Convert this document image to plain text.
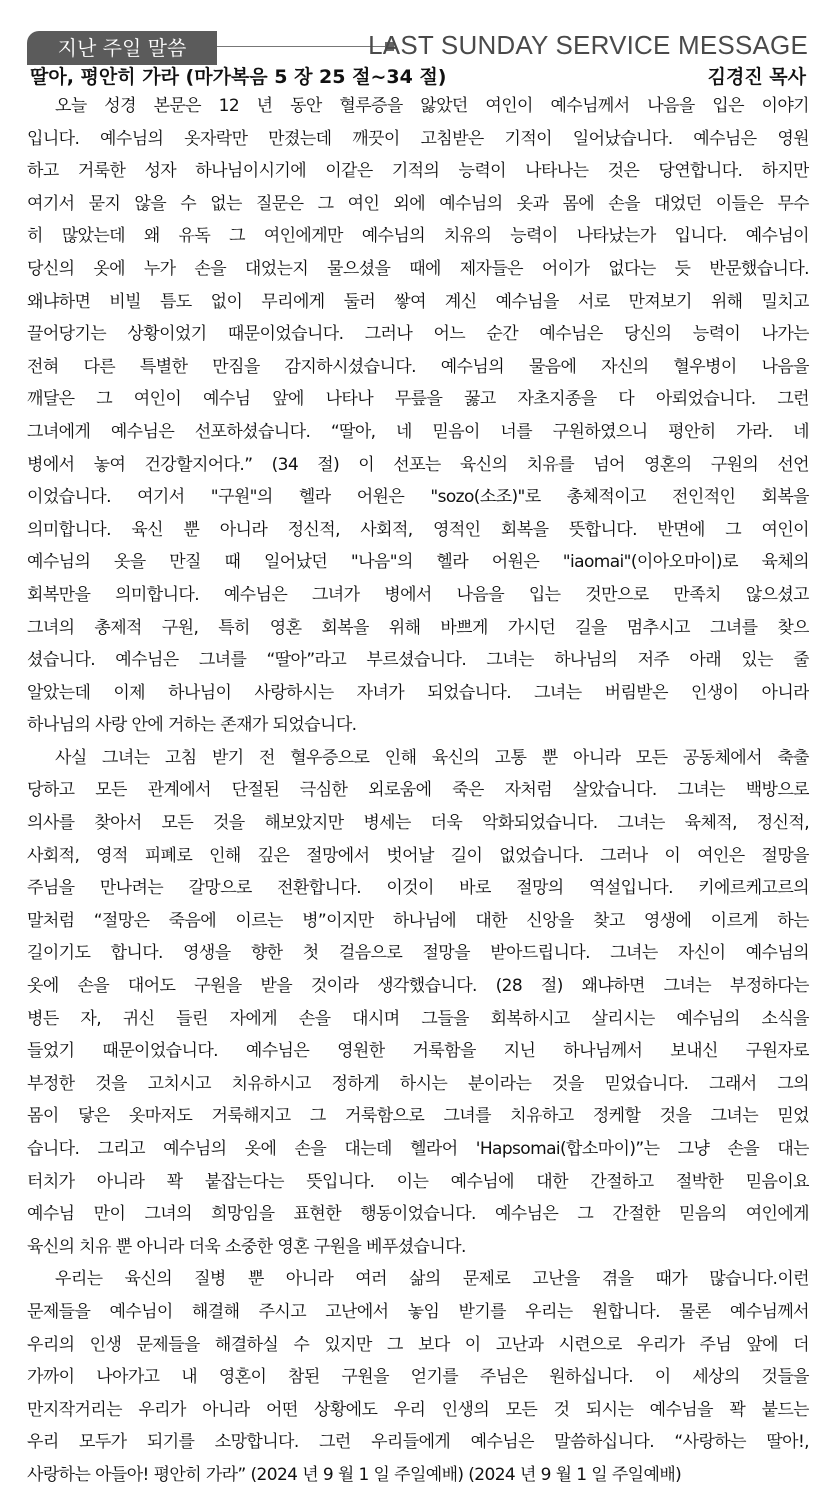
지난 주일 말씀	LAST SUNDAY SERVICE MESSAGE
딸아, 평안히 가라 (마가복음 5 장 25 절~34 절)	김경진 목사
오늘 성경 본문은 12 년 동안 혈루증을 앓았던 여인이 예수님께서 나음을 입은 이야기
입니다. 예수님의 옷자락만 만졌는데 깨끗이 고침받은 기적이 일어났습니다. 예수님은 영원
하고 거룩한 성자 하나님이시기에 이같은 기적의 능력이 나타나는 것은 당연합니다. 하지만
여기서 묻지 않을 수 없는 질문은 그 여인 외에 예수님의 옷과 몸에 손을 대었던 이들은 무수
히 많았는데 왜 유독 그 여인에게만 예수님의 치유의 능력이 나타났는가 입니다. 예수님이
당신의 옷에 누가 손을 대었는지 물으셨을 때에 제자들은 어이가 없다는 듯 반문했습니다.
왜냐하면 비빌 틈도 없이 무리에게 둘러 쌓여 계신 예수님을 서로 만져보기 위해 밀치고
끌어당기는 상황이었기 때문이었습니다. 그러나 어느 순간 예수님은 당신의 능력이 나가는
전혀 다른 특별한 만짐을 감지하시셨습니다. 예수님의 물음에 자신의 혈우병이 나음을
깨달은 그 여인이 예수님 앞에 나타나 무릎을 꿇고 자초지종을 다 아뢰었습니다. 그런
그녀에게 예수님은 선포하셨습니다. “딸아, 네 믿음이 너를 구원하였으니 평안히 가라. 네
병에서 놓여 건강할지어다.” (34 절) 이 선포는 육신의 치유를 넘어 영혼의 구원의 선언
이었습니다. 여기서 "구원"의 헬라 어원은 "sozo(소조)"로 총체적이고 전인적인 회복을
의미합니다. 육신 뿐 아니라 정신적, 사회적, 영적인 회복을 뜻합니다. 반면에 그 여인이
예수님의 옷을 만질 때 일어났던 "나음"의 헬라 어원은 "iaomai"(이아오마이)로 육체의
회복만을 의미합니다. 예수님은 그녀가 병에서 나음을 입는 것만으로 만족치 않으셨고
그녀의 총제적 구원, 특히 영혼 회복을 위해 바쁘게 가시던 길을 멈추시고 그녀를 찾으
셨습니다. 예수님은 그녀를 “딸아”라고 부르셨습니다. 그녀는 하나님의 저주 아래 있는 줄
알았는데 이제 하나님이 사랑하시는 자녀가 되었습니다. 그녀는 버림받은 인생이 아니라
하나님의 사랑 안에 거하는 존재가 되었습니다.
사실 그녀는 고침 받기 전 혈우증으로 인해 육신의 고통 뿐 아니라 모든 공동체에서 축출
당하고 모든 관계에서 단절된 극심한 외로움에 죽은 자처럼 살았습니다. 그녀는 백방으로
의사를 찾아서 모든 것을 해보았지만 병세는 더욱 악화되었습니다. 그녀는 육체적, 정신적,
사회적, 영적 피폐로 인해 깊은 절망에서 벗어날 길이 없었습니다. 그러나 이 여인은 절망을
주님을 만나려는 갈망으로 전환합니다. 이것이 바로 절망의 역설입니다. 키에르케고르의
말처럼 “절망은 죽음에 이르는 병”이지만 하나님에 대한 신앙을 찾고 영생에 이르게 하는
길이기도 합니다. 영생을 향한 첫 걸음으로 절망을 받아드립니다. 그녀는 자신이 예수님의
옷에 손을 대어도 구원을 받을 것이라 생각했습니다. (28 절) 왜냐하면 그녀는 부정하다는
병든 자, 귀신 들린 자에게 손을 대시며 그들을 회복하시고 살리시는 예수님의 소식을
들었기 때문이었습니다. 예수님은 영원한 거룩함을 지닌 하나님께서 보내신 구원자로
부정한 것을 고치시고 치유하시고 정하게 하시는 분이라는 것을 믿었습니다. 그래서 그의
몸이 닿은 옷마저도 거룩해지고 그 거룩함으로 그녀를 치유하고 정케할 것을 그녀는 믿었
습니다. 그리고 예수님의 옷에 손을 대는데 헬라어 'Hapsomai(합소마이)”는 그냥 손을 대는
터치가 아니라 꽉 붙잡는다는 뜻입니다. 이는 예수님에 대한 간절하고 절박한 믿음이요
예수님 만이 그녀의 희망임을 표현한 행동이었습니다. 예수님은 그 간절한 믿음의 여인에게
육신의 치유 뿐 아니라 더욱 소중한 영혼 구원을 베푸셨습니다.
우리는 육신의 질병 뿐 아니라 여러 삶의 문제로 고난을 겪을 때가 많습니다.이런
문제들을 예수님이 해결해 주시고 고난에서 놓임 받기를 우리는 원합니다. 물론 예수님께서
우리의 인생 문제들을 해결하실 수 있지만 그 보다 이 고난과 시련으로 우리가 주님 앞에 더
가까이 나아가고 내 영혼이 참된 구원을 얻기를 주님은 원하십니다. 이 세상의 것들을
만지작거리는 우리가 아니라 어떤 상황에도 우리 인생의 모든 것 되시는 예수님을 꽉 붙드는
우리 모두가 되기를 소망합니다. 그런 우리들에게 예수님은 말씀하십니다. “사랑하는 딸아!,
사랑하는 아들아! 평안히 가라” (2024 년 9 월 1 일 주일예배) (2024 년 9 월 1 일 주일예배)
